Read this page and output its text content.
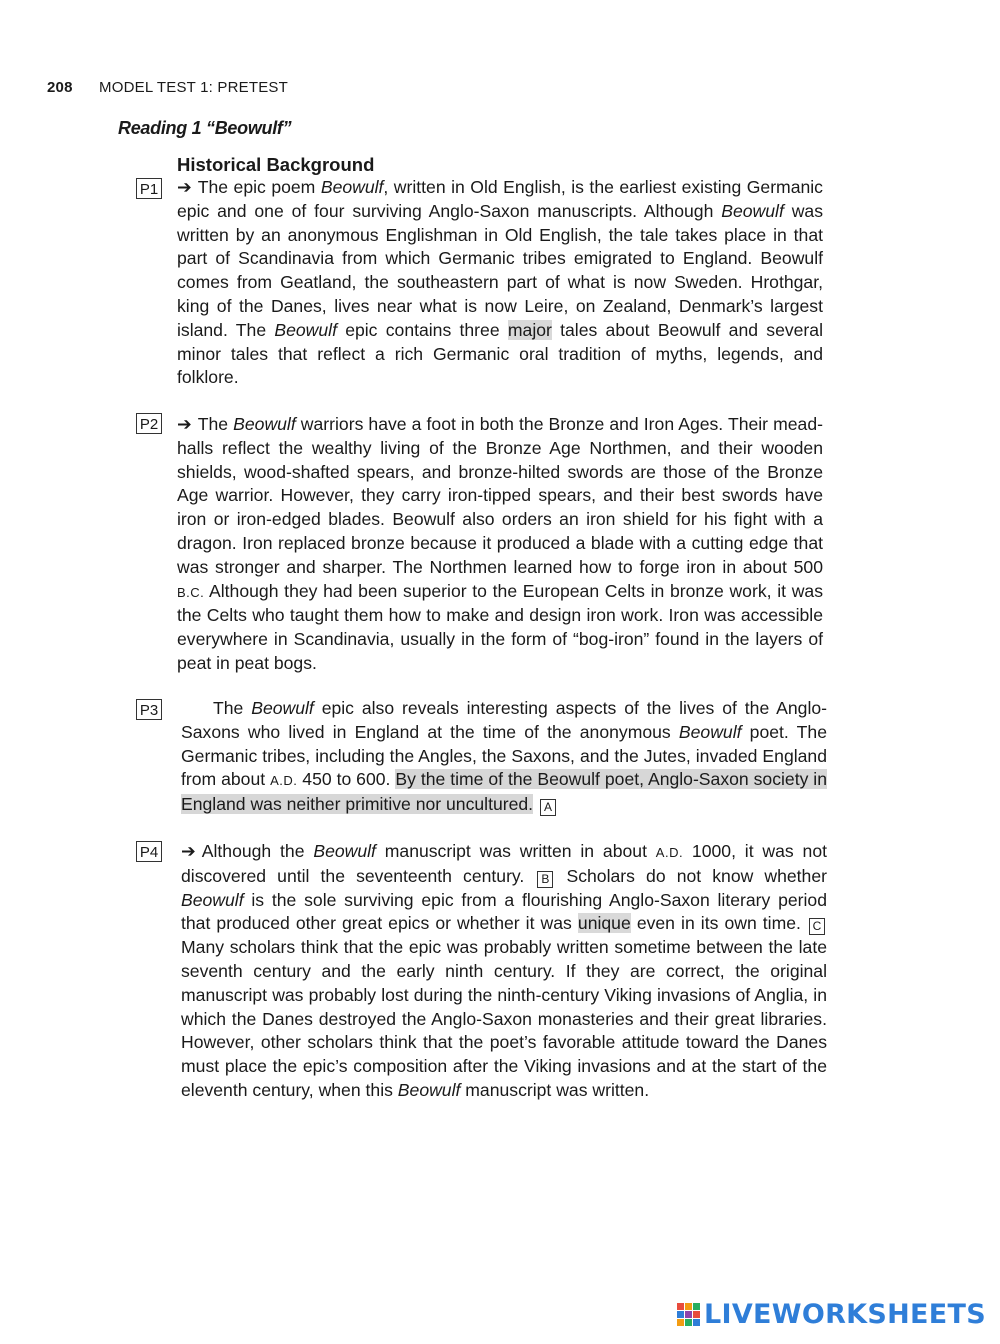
208 MODEL TEST 1: PRETEST
Reading 1 “Beowulf”
Historical Background
P1 ➔ The epic poem Beowulf, written in Old English, is the earliest existing Germanic epic and one of four surviving Anglo-Saxon manuscripts. Although Beowulf was written by an anonymous Englishman in Old English, the tale takes place in that part of Scandinavia from which Germanic tribes emigrated to England. Beowulf comes from Geatland, the southeastern part of what is now Sweden. Hrothgar, king of the Danes, lives near what is now Leire, on Zealand, Denmark’s largest island. The Beowulf epic contains three major tales about Beowulf and several minor tales that reflect a rich Germanic oral tradition of myths, legends, and folklore.
P2 ➔ The Beowulf warriors have a foot in both the Bronze and Iron Ages. Their mead-halls reflect the wealthy living of the Bronze Age Northmen, and their wooden shields, wood-shafted spears, and bronze-hilted swords are those of the Bronze Age warrior. However, they carry iron-tipped spears, and their best swords have iron or iron-edged blades. Beowulf also orders an iron shield for his fight with a dragon. Iron replaced bronze because it produced a blade with a cutting edge that was stronger and sharper. The Northmen learned how to forge iron in about 500 B.C. Although they had been superior to the European Celts in bronze work, it was the Celts who taught them how to make and design iron work. Iron was accessible everywhere in Scandinavia, usually in the form of “bog-iron” found in the layers of peat in peat bogs.
P3	The Beowulf epic also reveals interesting aspects of the lives of the Anglo-Saxons who lived in England at the time of the anonymous Beowulf poet. The Germanic tribes, including the Angles, the Saxons, and the Jutes, invaded England from about A.D. 450 to 600. By the time of the Beowulf poet, Anglo-Saxon society in England was neither primitive nor uncultured. A
P4 ➔ Although the Beowulf manuscript was written in about A.D. 1000, it was not discovered until the seventeenth century. B Scholars do not know whether Beowulf is the sole surviving epic from a flourishing Anglo-Saxon literary period that produced other great epics or whether it was unique even in its own time. C Many scholars think that the epic was probably written sometime between the late seventh century and the early ninth century. If they are correct, the original manuscript was probably lost during the ninth-century Viking invasions of Anglia, in which the Danes destroyed the Anglo-Saxon monasteries and their great libraries. However, other scholars think that the poet’s favorable attitude toward the Danes must place the epic’s composition after the Viking invasions and at the start of the eleventh century, when this Beowulf manuscript was written.
LIVEWORKSHEETS
